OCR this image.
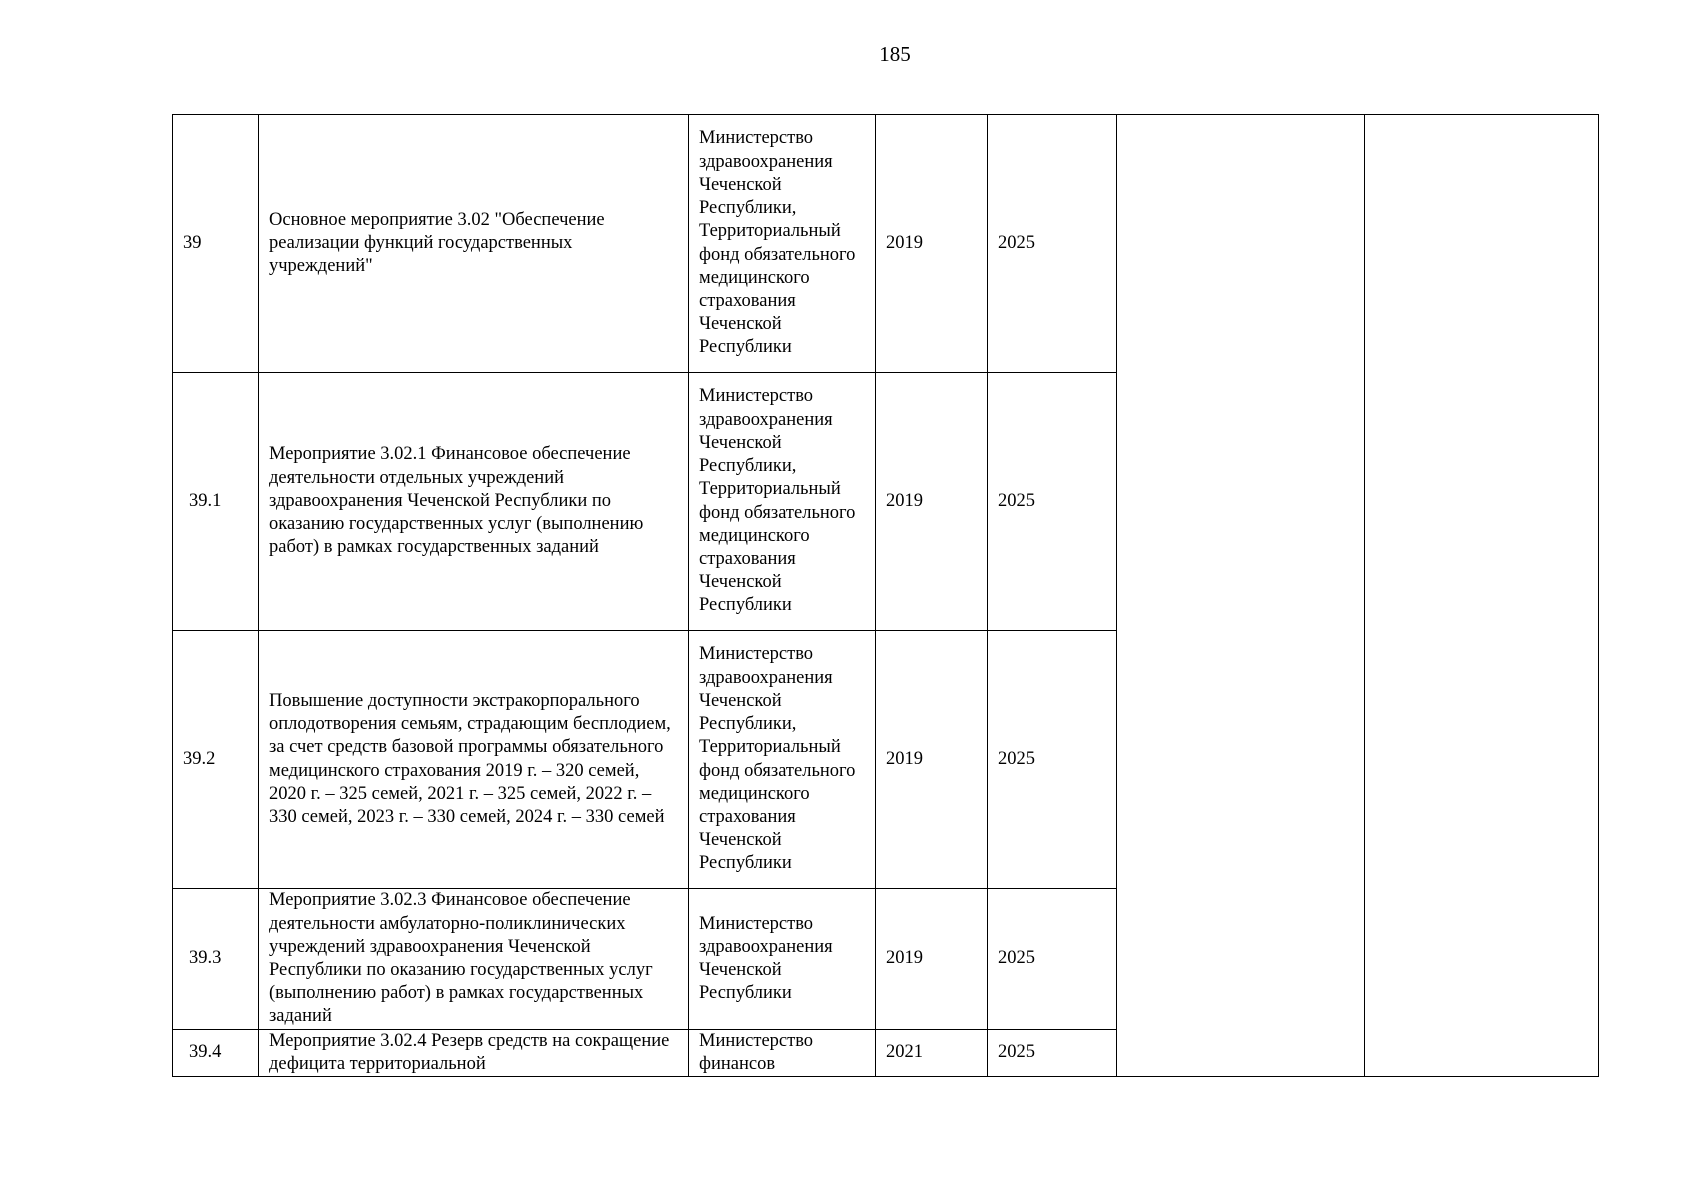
185
39	Основное мероприятие 3.02 "Обеспечение реализации функций государственных учреждений"	Министерство здравоохранения Чеченской Республики, Территориальный фонд обязательного медицинского страхования Чеченской Республики	2019	2025		
39.1	Мероприятие 3.02.1 Финансовое обеспечение деятельности отдельных учреждений здравоохранения Чеченской Республики по оказанию государственных услуг (выполнению работ) в рамках государственных заданий	Министерство здравоохранения Чеченской Республики, Территориальный фонд обязательного медицинского страхования Чеченской Республики	2019	2025		
39.2	Повышение доступности экстракорпорального оплодотворения семьям, страдающим бесплодием, за счет средств базовой программы обязательного медицинского страхования 2019 г. – 320 семей, 2020 г. – 325 семей, 2021 г. – 325 семей, 2022 г. – 330 семей, 2023 г. – 330 семей, 2024 г. – 330 семей	Министерство здравоохранения Чеченской Республики, Территориальный фонд обязательного медицинского страхования Чеченской Республики	2019	2025		
39.3	Мероприятие 3.02.3 Финансовое обеспечение деятельности амбулаторно-поликлинических учреждений здравоохранения Чеченской Республики по оказанию государственных услуг (выполнению работ) в рамках государственных заданий	Министерство здравоохранения Чеченской Республики	2019	2025		
39.4	Мероприятие 3.02.4 Резерв средств на сокращение дефицита территориальной	Министерство финансов	2021	2025		
